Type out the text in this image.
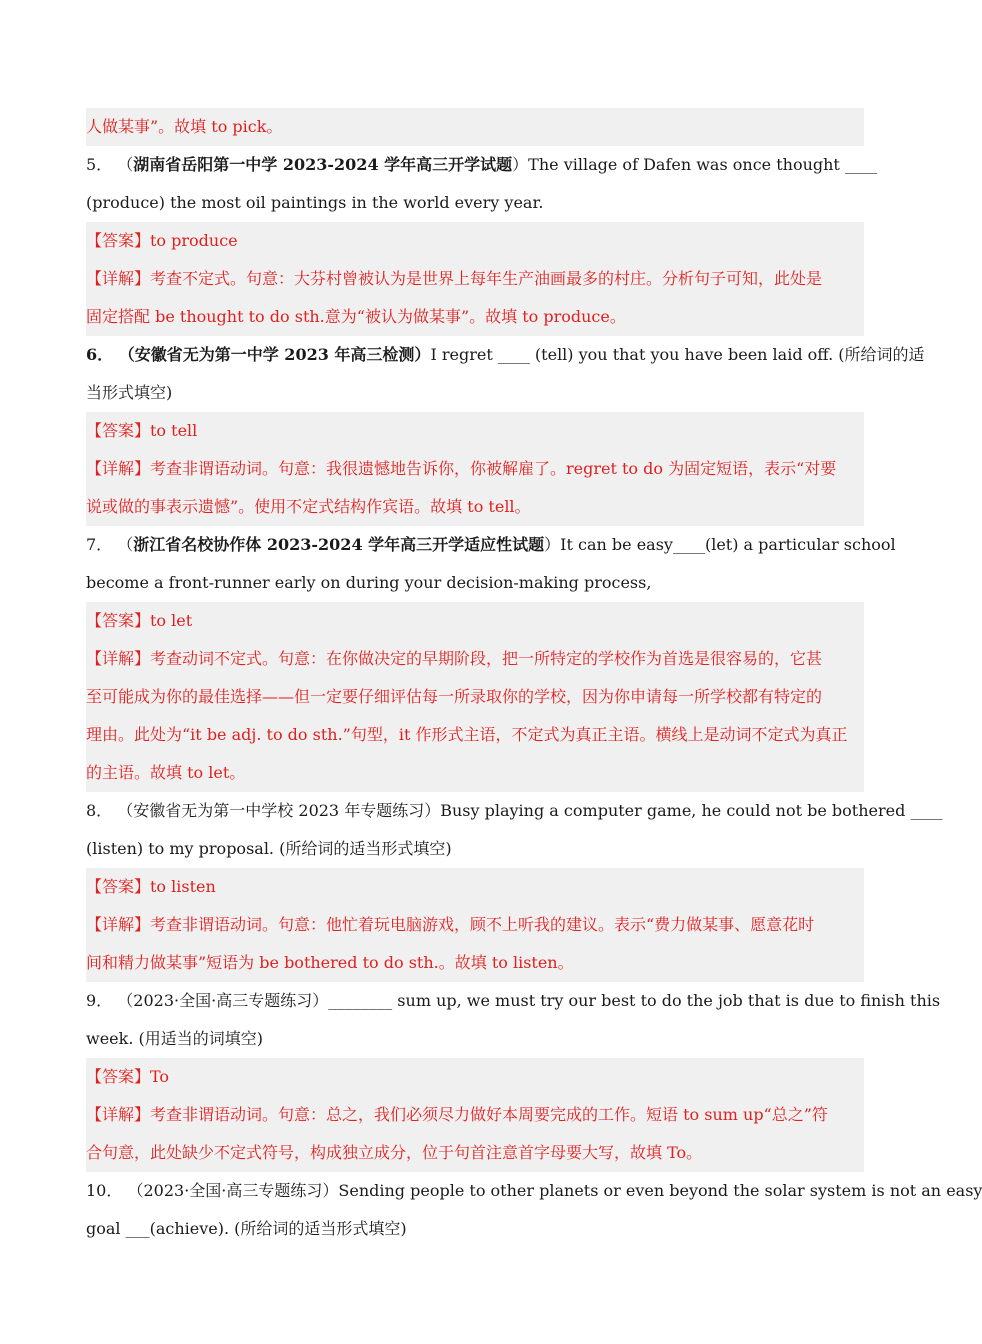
人做某事”。故填 to pick。
5． （湖南省岳阳第一中学 2023-2024 学年高三开学试题）The village of Dafen was once thought ____
(produce) the most oil paintings in the world every year.
【答案】to produce
【详解】考查不定式。句意：大芬村曾被认为是世界上每年生产油画最多的村庄。分析句子可知，此处是
固定搭配 be thought to do sth.意为“被认为做某事”。故填 to produce。
6． （安徽省无为第一中学 2023 年高三检测）I regret ____ (tell) you that you have been laid off. (所给词的适
当形式填空)
【答案】to tell
【详解】考查非谓语动词。句意：我很遗憾地告诉你，你被解雇了。regret to do 为固定短语，表示“对要
说或做的事表示遗憾”。使用不定式结构作宾语。故填 to tell。
7． （浙江省名校协作体 2023-2024 学年高三开学适应性试题）It can be easy____(let) a particular school
become a front-runner early on during your decision-making process,
【答案】to let
【详解】考查动词不定式。句意：在你做决定的早期阶段，把一所特定的学校作为首选是很容易的，它甚
至可能成为你的最佳选择——但一定要仔细评估每一所录取你的学校，因为你申请每一所学校都有特定的
理由。此处为“it be adj. to do sth.”句型，it 作形式主语，不定式为真正主语。横线上是动词不定式为真正
的主语。故填 to let。
8． （安徽省无为第一中学校 2023 年专题练习）Busy playing a computer game, he could not be bothered ____
(listen) to my proposal. (所给词的适当形式填空)
【答案】to listen
【详解】考查非谓语动词。句意：他忙着玩电脑游戏，顾不上听我的建议。表示“费力做某事、愿意花时
间和精力做某事”短语为 be bothered to do sth.。故填 to listen。
9． （2023·全国·高三专题练习）________ sum up, we must try our best to do the job that is due to finish this
week. (用适当的词填空)
【答案】To
【详解】考查非谓语动词。句意：总之，我们必须尽力做好本周要完成的工作。短语 to sum up“总之”符
合句意，此处缺少不定式符号，构成独立成分，位于句首注意首字母要大写，故填 To。
10． （2023·全国·高三专题练习）Sending people to other planets or even beyond the solar system is not an easy
goal ___(achieve). (所给词的适当形式填空)
